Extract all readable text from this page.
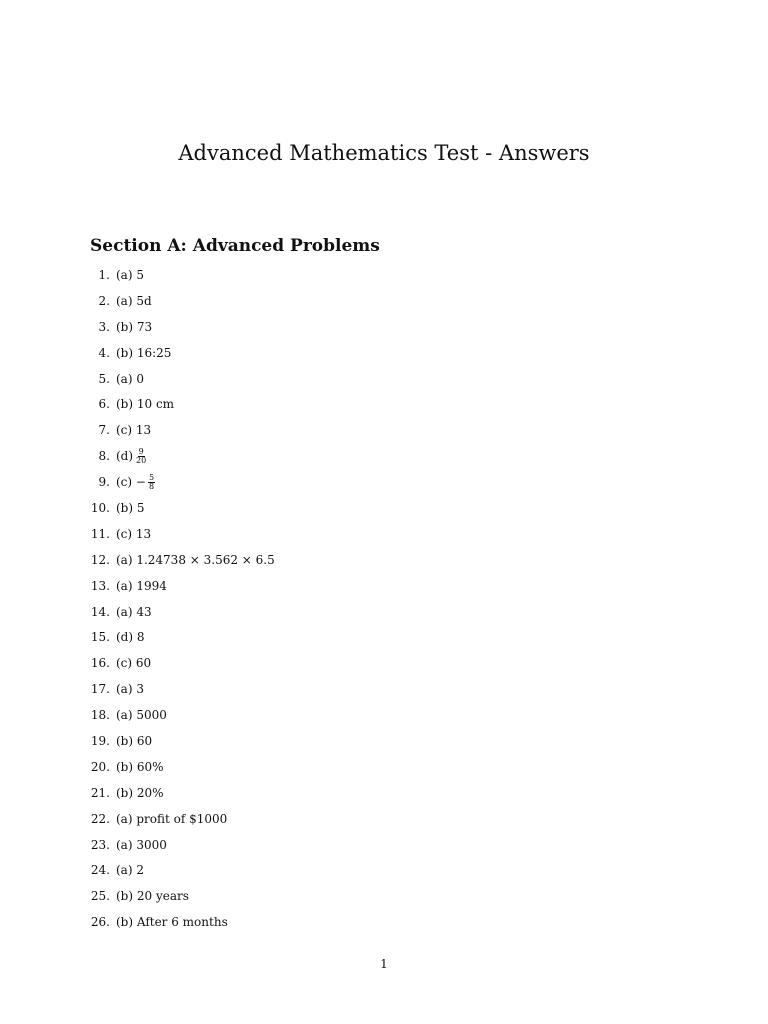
Advanced Mathematics Test - Answers
Section A: Advanced Problems
1. (a) 5
2. (a) 5d
3. (b) 73
4. (b) 16:25
5. (a) 0
6. (b) 10 cm
7. (c) 13
8. $(d) \frac{9}{20}$
9. $(c) - \frac{5}{8}$
10. (b) 5
11. (c) 13
12. (a) 1.24738 × 3.562 × 6.5
13. (a) 1994
14. (a) 43
15. (d) 8
16. (c) 60
17. (a) 3
18. (a) 5000
19. (b) 60
20. (b) 60%
21. (b) 20%
22. (a) profit of $1000
23. (a) 3000
24. (a) 2
25. (b) 20 years
26. (b) After 6 months
1
